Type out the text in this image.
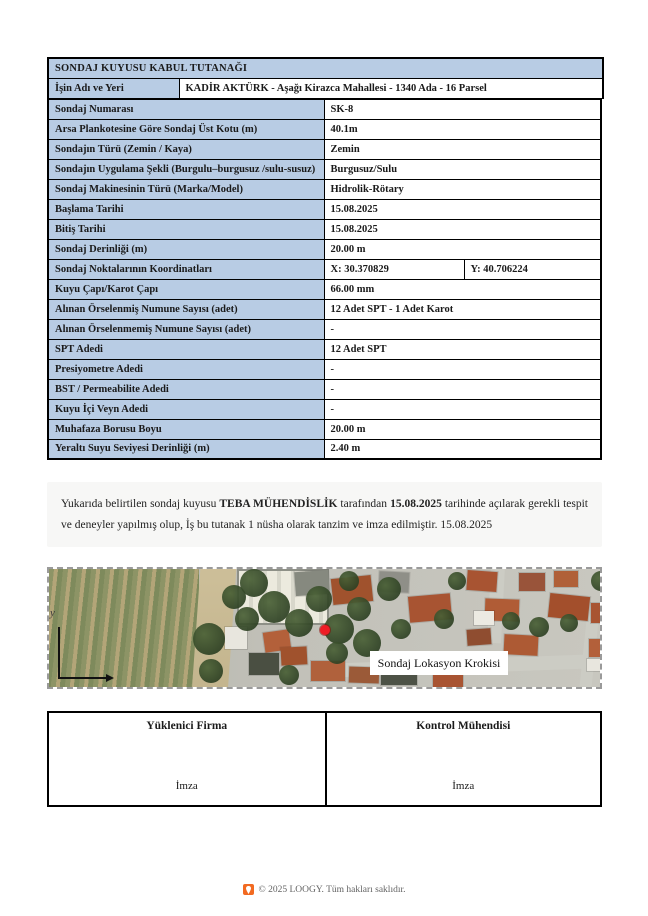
SONDAJ KUYUSU KABUL TUTANAĞI
İşin Adı ve Yeri	KADİR AKTÜRK - Aşağı Kirazca Mahallesi - 1340 Ada - 16 Parsel
Sondaj Numarası	SK-8	
Arsa Plankotesine Göre Sondaj Üst Kotu (m)	40.1m	
Sondajın Türü (Zemin / Kaya)	Zemin	
Sondajın Uygulama Şekli (Burgulu–burgusuz /sulu-susuz)	Burgusuz/Sulu	
Sondaj Makinesinin Türü (Marka/Model)	Hidrolik-Rötary	
Başlama Tarihi	15.08.2025	
Bitiş Tarihi	15.08.2025	
Sondaj Derinliği (m)	20.00 m	
Sondaj Noktalarının Koordinatları	X: 30.370829	Y: 40.706224
Kuyu Çapı/Karot Çapı	66.00 mm	
Alınan Örselenmiş Numune Sayısı (adet)	12 Adet SPT - 1 Adet Karot	
Alınan Örselenmemiş Numune Sayısı (adet)	-	
SPT Adedi	12 Adet SPT	
Presiyometre Adedi	-	
BST / Permeabilite Adedi	-	
Kuyu İçi Veyn Adedi	-	
Muhafaza Borusu Boyu	20.00 m	
Yeraltı Suyu Seviyesi Derinliği (m)	2.40 m	
Yukarıda belirtilen sondaj kuyusu TEBA MÜHENDİSLİK tarafından 15.08.2025 tarihinde açılarak gerekli tespit ve deneyler yapılmış olup, İş bu tutanak 1 nüsha olarak tanzim ve imza edilmiştir. 15.08.2025
y
Sondaj Lokasyon Krokisi
Yüklenici Firma
İmza
Kontrol Mühendisi
İmza
© 2025 LOOGY. Tüm hakları saklıdır.
